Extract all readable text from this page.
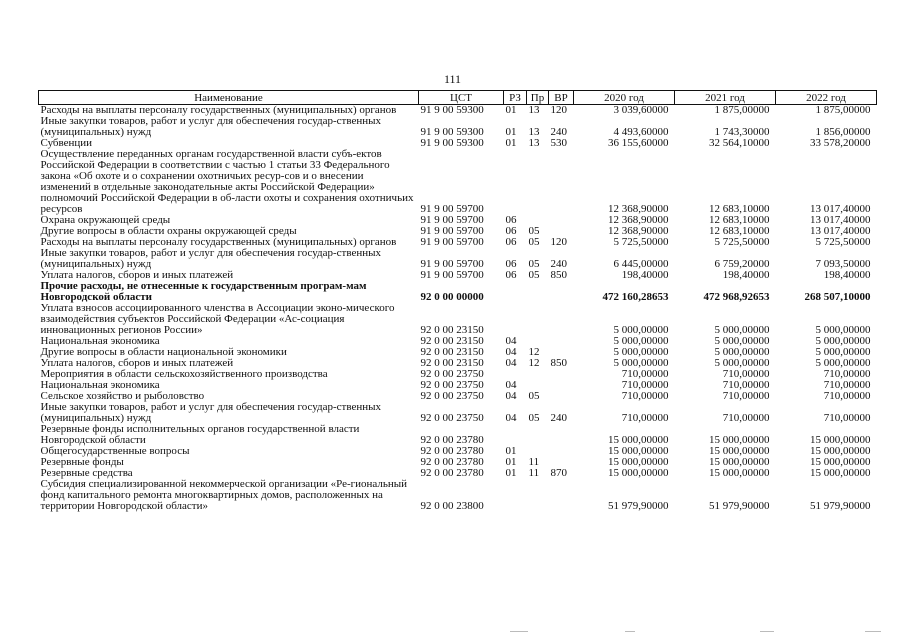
111
Наименование	ЦСТ	РЗ	Пр	ВР	2020 год	2021 год	2022 год
Расходы на выплаты персоналу государственных (муниципальных) органов	91 9 00 59300	01	13	120	3 039,60000	1 875,00000	1 875,00000
Иные закупки товаров, работ и услуг для обеспечения государ-ственных (муниципальных) нужд	91 9 00 59300	01	13	240	4 493,60000	1 743,30000	1 856,00000
Субвенции	91 9 00 59300	01	13	530	36 155,60000	32 564,10000	33 578,20000
Осуществление переданных органам государственной власти субъ-ектов Российской Федерации в соответствии с частью 1 статьи 33 Федерального закона «Об охоте и о сохранении охотничьих ресур-сов и о внесении изменений в отдельные законодательные акты Российской Федерации» полномочий Российской Федерации в об-ласти охоты и сохранения охотничьих ресурсов	91 9 00 59700				12 368,90000	12 683,10000	13 017,40000
Охрана окружающей среды	91 9 00 59700	06			12 368,90000	12 683,10000	13 017,40000
Другие вопросы в области охраны окружающей среды	91 9 00 59700	06	05		12 368,90000	12 683,10000	13 017,40000
Расходы на выплаты персоналу государственных (муниципальных) органов	91 9 00 59700	06	05	120	5 725,50000	5 725,50000	5 725,50000
Иные закупки товаров, работ и услуг для обеспечения государ-ственных (муниципальных) нужд	91 9 00 59700	06	05	240	6 445,00000	6 759,20000	7 093,50000
Уплата налогов, сборов и иных платежей	91 9 00 59700	06	05	850	198,40000	198,40000	198,40000
Прочие расходы, не отнесенные к государственным програм-мам Новгородской области	92 0 00 00000				472 160,28653	472 968,92653	268 507,10000
Уплата взносов ассоциированного членства в Ассоциации эконо-мического взаимодействия субъектов Российской Федерации «Ас-социация инновационных регионов России»	92 0 00 23150				5 000,00000	5 000,00000	5 000,00000
Национальная экономика	92 0 00 23150	04			5 000,00000	5 000,00000	5 000,00000
Другие вопросы в области национальной экономики	92 0 00 23150	04	12		5 000,00000	5 000,00000	5 000,00000
Уплата налогов, сборов и иных платежей	92 0 00 23150	04	12	850	5 000,00000	5 000,00000	5 000,00000
Мероприятия в области сельскохозяйственного производства	92 0 00 23750				710,00000	710,00000	710,00000
Национальная экономика	92 0 00 23750	04			710,00000	710,00000	710,00000
Сельское хозяйство и рыболовство	92 0 00 23750	04	05		710,00000	710,00000	710,00000
Иные закупки товаров, работ и услуг для обеспечения государ-ственных (муниципальных) нужд	92 0 00 23750	04	05	240	710,00000	710,00000	710,00000
Резервные фонды исполнительных органов государственной власти Новгородской области	92 0 00 23780				15 000,00000	15 000,00000	15 000,00000
Общегосударственные вопросы	92 0 00 23780	01			15 000,00000	15 000,00000	15 000,00000
Резервные фонды	92 0 00 23780	01	11		15 000,00000	15 000,00000	15 000,00000
Резервные средства	92 0 00 23780	01	11	870	15 000,00000	15 000,00000	15 000,00000
Субсидия специализированной некоммерческой организации «Ре-гиональный фонд капитального ремонта многоквартирных домов, расположенных на территории Новгородской области»	92 0 00 23800				51 979,90000	51 979,90000	51 979,90000
